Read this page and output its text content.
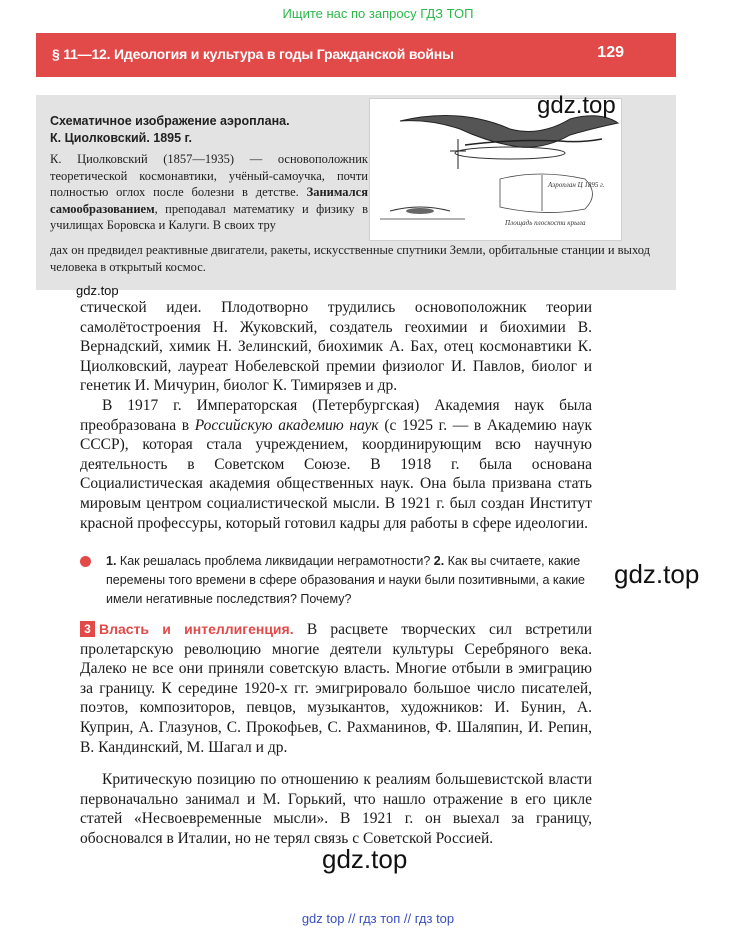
Ищите нас по запросу ГДЗ ТОП
§ 11—12. Идеология и культура в годы Гражданской войны	129
Схематичное изображение аэроплана.
К. Циолковский. 1895 г.
К. Циолковский (1857—1935) — основоположник теоретической космонавтики, учёный-самоучка, почти полностью оглох после болезни в детстве. Занимался самообразованием, преподавал математику и физику в училищах Боровска и Калуги. В своих тру
дах он предвидел реактивные двигатели, ракеты, искусственные спутники Земли, орбитальные станции и выход человека в открытый космос.
Аэроплан Ц 1895 г.
Площадь плоскости крыла
gdz.top
gdz.top
стической идеи. Плодотворно трудились основоположник теории самолётостроения Н. Жуковский, создатель геохимии и биохимии В. Вернадский, химик Н. Зелинский, биохимик А. Бах, отец космонавтики К. Циолковский, лауреат Нобелевской премии физиолог И. Павлов, биолог и генетик И. Мичурин, биолог К. Тимирязев и др.
В 1917 г. Императорская (Петербургская) Академия наук была преобразована в Российскую академию наук (с 1925 г. — в Академию наук СССР), которая стала учреждением, координирующим всю научную деятельность в Советском Союзе. В 1918 г. была основана Социалистическая академия общественных наук. Она была призвана стать мировым центром социалистической мысли. В 1921 г. был создан Институт красной профессуры, который готовил кадры для работы в сфере идеологии.
1. Как решалась проблема ликвидации неграмотности? 2. Как вы считаете, какие перемены того времени в сфере образования и науки были позитивными, а какие имели негативные последствия? Почему?
gdz.top
3 Власть и интеллигенция. В расцвете творческих сил встретили пролетарскую революцию многие деятели культуры Серебряного века. Далеко не все они приняли советскую власть. Многие отбыли в эмиграцию за границу. К середине 1920-х гг. эмигрировало большое число писателей, поэтов, композиторов, певцов, музыкантов, художников: И. Бунин, А. Куприн, А. Глазунов, С. Прокофьев, С. Рахманинов, Ф. Шаляпин, И. Репин, В. Кандинский, М. Шагал и др.
Критическую позицию по отношению к реалиям большевистской власти первоначально занимал и М. Горький, что нашло отражение в его цикле статей «Несвоевременные мысли». В 1921 г. он выехал за границу, обосновался в Италии, но не терял связь с Советской Россией.
gdz.top
gdz top // гдз топ // гдз top
